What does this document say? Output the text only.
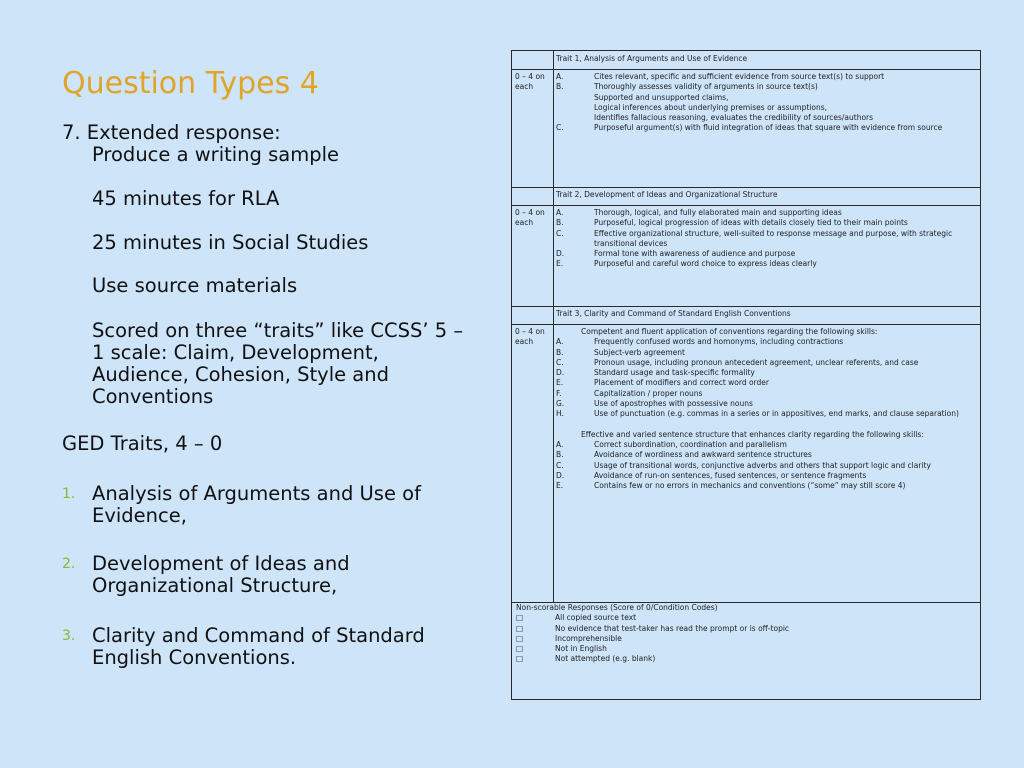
Question Types 4
7. Extended response:
Produce a writing sample
45 minutes for RLA
25 minutes in Social Studies
Use source materials
Scored on three “traits” like CCSS’ 5 – 1 scale: Claim, Development, Audience, Cohesion, Style and Conventions
GED Traits, 4 – 0
1. Analysis of Arguments and Use of Evidence,
2. Development of Ideas and Organizational Structure,
3. Clarity and Command of Standard English Conventions.
Trait 1, Analysis of Arguments and Use of Evidence
0 – 4 on each
A.	Cites relevant, specific and sufficient evidence from source text(s) to support
B.	Thoroughly assesses validity of arguments in source text(s)
Supported and unsupported claims,
Logical inferences about underlying premises or assumptions,
Identifies fallacious reasoning, evaluates the credibility of sources/authors
C.	Purposeful argument(s) with fluid integration of ideas that square with evidence from source
Trait 2, Development of Ideas and Organizational Structure
0 – 4 on each
A.	Thorough, logical, and fully elaborated main and supporting ideas
B.	Purposeful, logical progression of ideas with details closely tied to their main points
C.	Effective organizational structure, well-suited to response message and purpose, with strategic transitional devices
D.	Formal tone with awareness of audience and purpose
E.	Purposeful and careful word choice to express ideas clearly
Trait 3, Clarity and Command of Standard English Conventions
0 – 4 on each
Competent and fluent application of conventions regarding the following skills:
A.	Frequently confused words and homonyms, including contractions
B.	Subject-verb agreement
C.	Pronoun usage, including pronoun antecedent agreement, unclear referents, and case
D.	Standard usage and task-specific formality
E.	Placement of modifiers and correct word order
F.	Capitalization / proper nouns
G.	Use of apostrophes with possessive nouns
H.	Use of punctuation (e.g. commas in a series or in appositives, end marks, and clause separation)
Effective and varied sentence structure that enhances clarity regarding the following skills:
A.	Correct subordination, coordination and parallelism
B.	Avoidance of wordiness and awkward sentence structures
C.	Usage of transitional words, conjunctive adverbs and others that support logic and clarity
D.	Avoidance of run-on sentences, fused sentences, or sentence fragments
E.	Contains few or no errors in mechanics and conventions (“some” may still score 4)
Non-scorable Responses (Score of 0/Condition Codes)
□	All copied source text
□	No evidence that test-taker has read the prompt or is off-topic
□	Incomprehensible
□	Not in English
□	Not attempted (e.g. blank)
